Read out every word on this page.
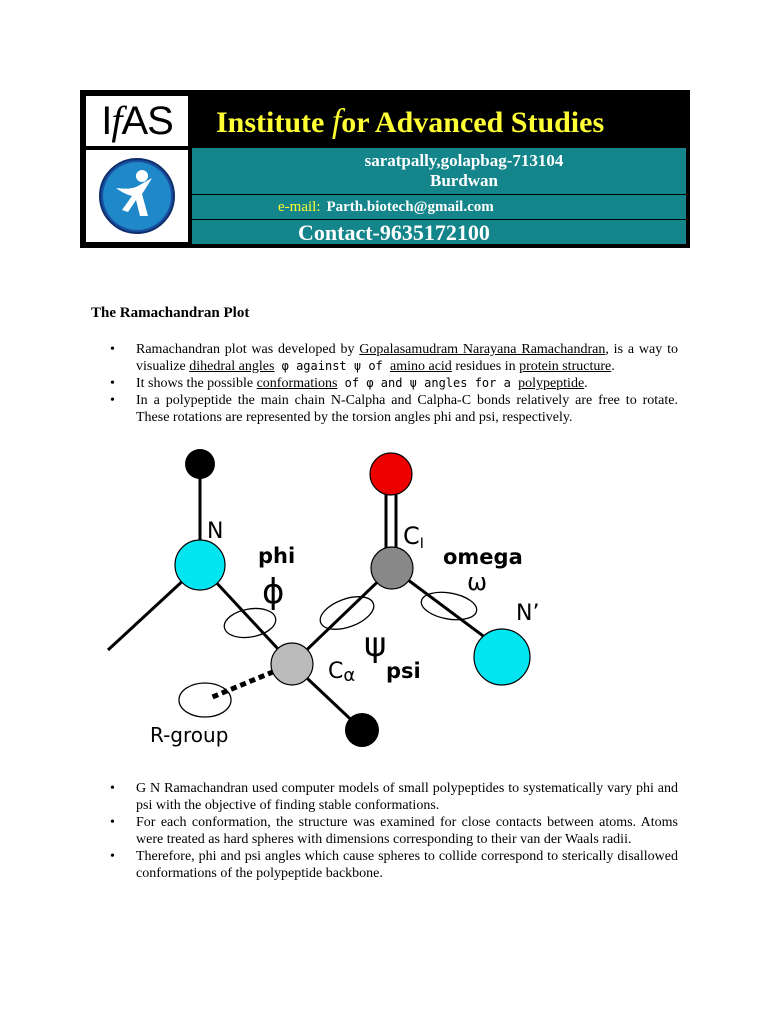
IfAS	Institute for Advanced Studies
saratpally,golapbag-713104
Burdwan
e-mail: Parth.biotech@gmail.com
Contact-9635172100
The Ramachandran Plot
• Ramachandran plot was developed by Gopalasamudram Narayana Ramachandran, is a way to visualize dihedral angles φ against ψ of amino acid residues in protein structure.
• It shows the possible conformations of φ and ψ angles for a polypeptide.
• In a polypeptide the main chain N-Calpha and Calpha-C bonds relatively are free to rotate. These rotations are represented by the torsion angles phi and psi, respectively.
N
phi
ϕ
CI
omega
ω
N’
ψ
psi
Cα
R-group
• G N Ramachandran used computer models of small polypeptides to systematically vary phi and psi with the objective of finding stable conformations.
• For each conformation, the structure was examined for close contacts between atoms. Atoms were treated as hard spheres with dimensions corresponding to their van der Waals radii.
• Therefore, phi and psi angles which cause spheres to collide correspond to sterically disallowed conformations of the polypeptide backbone.
